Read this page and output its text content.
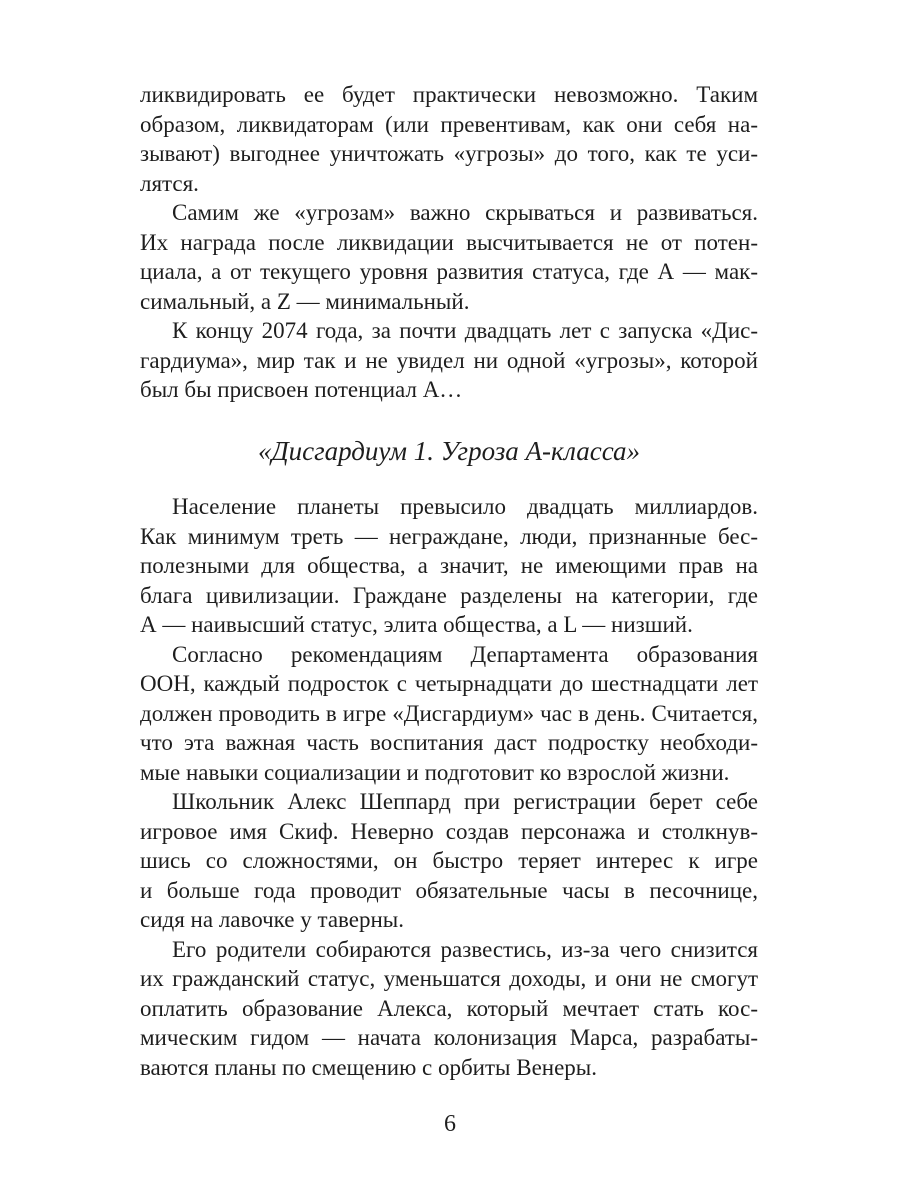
ликвидировать ее будет практически невозможно. Таким
образом, ликвидаторам (или превентивам, как они себя на-
зывают) выгоднее уничтожать «угрозы» до того, как те уси-
лятся.
Самим же «угрозам» важно скрываться и развиваться.
Их награда после ликвидации высчитывается не от потен-
циала, а от текущего уровня развития статуса, где А — мак-
симальный, а Z — минимальный.
К концу 2074 года, за почти двадцать лет с запуска «Дис-
гардиума», мир так и не увидел ни одной «угрозы», которой
был бы присвоен потенциал А…
«Дисгардиум 1. Угроза А-класса»
Население планеты превысило двадцать миллиардов.
Как минимум треть — неграждане, люди, признанные бес-
полезными для общества, а значит, не имеющими прав на
блага цивилизации. Граждане разделены на категории, где
А — наивысший статус, элита общества, а L — низший.
Согласно рекомендациям Департамента образования
ООН, каждый подросток с четырнадцати до шестнадцати лет
должен проводить в игре «Дисгардиум» час в день. Считается,
что эта важная часть воспитания даст подростку необходи-
мые навыки социализации и подготовит ко взрослой жизни.
Школьник Алекс Шеппард при регистрации берет себе
игровое имя Скиф. Неверно создав персонажа и столкнув-
шись со сложностями, он быстро теряет интерес к игре
и больше года проводит обязательные часы в песочнице,
сидя на лавочке у таверны.
Его родители собираются развестись, из-за чего снизится
их гражданский статус, уменьшатся доходы, и они не смогут
оплатить образование Алекса, который мечтает стать кос-
мическим гидом — начата колонизация Марса, разрабаты-
ваются планы по смещению с орбиты Венеры.
6
